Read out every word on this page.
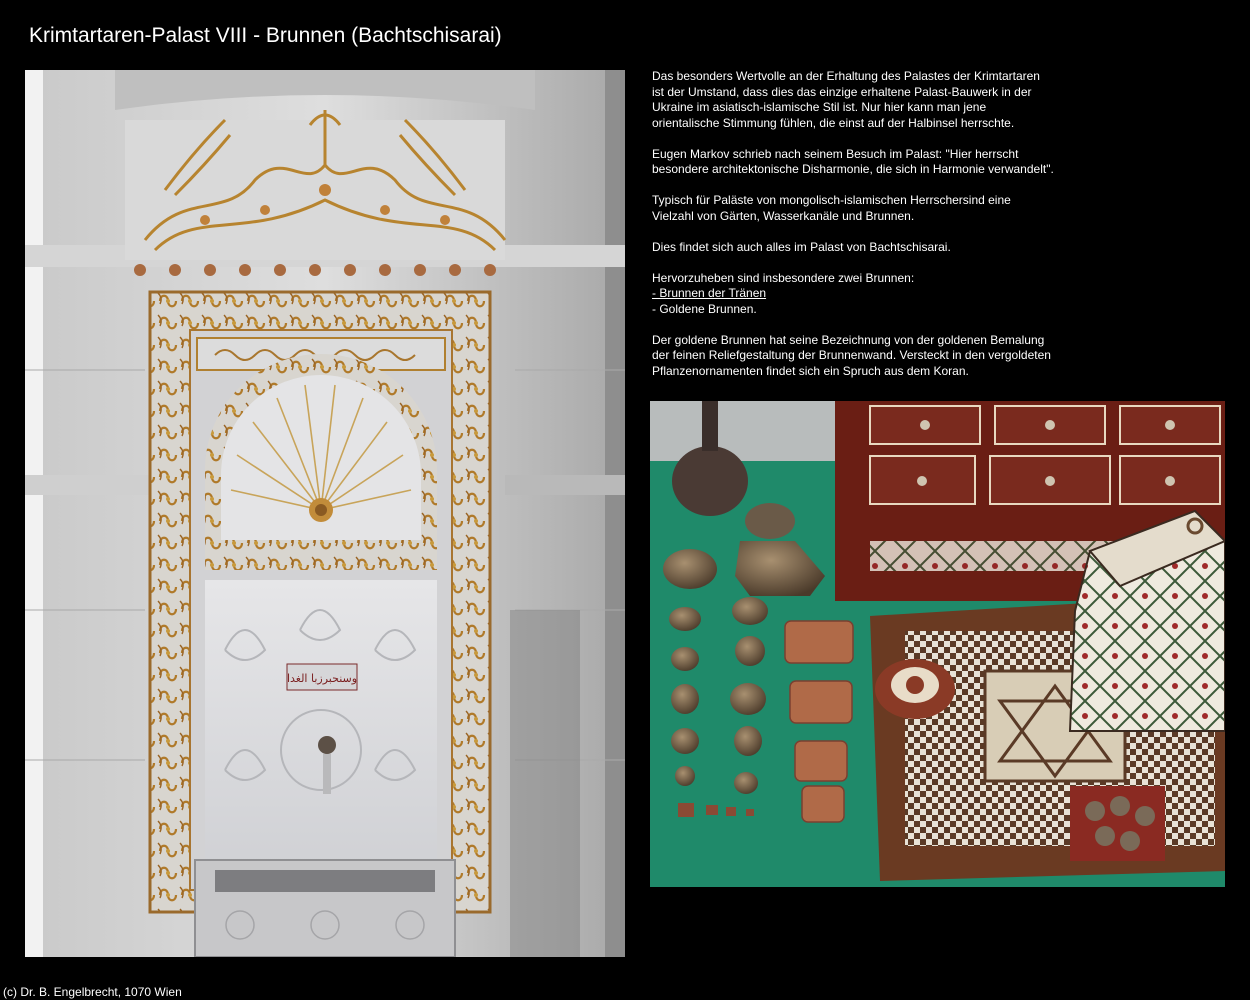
Krimtartaren-Palast VIII - Brunnen (Bachtschisarai)
وسنحبرزبا الغدا

Das besonders Wertvolle an der Erhaltung des Palastes der Krimtartaren
ist der Umstand, dass dies das einzige erhaltene Palast-Bauwerk in der
Ukraine im asiatisch-islamische Stil ist. Nur hier kann man jene
orientalische Stimmung fühlen, die einst auf der Halbinsel herrschte.

Eugen Markov schrieb nach seinem Besuch im Palast: "Hier herrscht
besondere architektonische Disharmonie, die sich in Harmonie verwandelt".

Typisch für Paläste von mongolisch-islamischen Herrschersind eine
Vielzahl von Gärten, Wasserkanäle und Brunnen.

Dies findet sich auch alles im Palast von Bachtschisarai.

Hervorzuheben sind insbesondere zwei Brunnen:
- Brunnen der Tränen
- Goldene Brunnen.

Der goldene Brunnen hat seine Bezeichnung von der goldenen Bemalung
der feinen Reliefgestaltung der Brunnenwand. Versteckt in den vergoldeten
Pflanzenornamenten findet sich ein Spruch aus dem Koran.

(c) Dr. B. Engelbrecht, 1070 Wien
